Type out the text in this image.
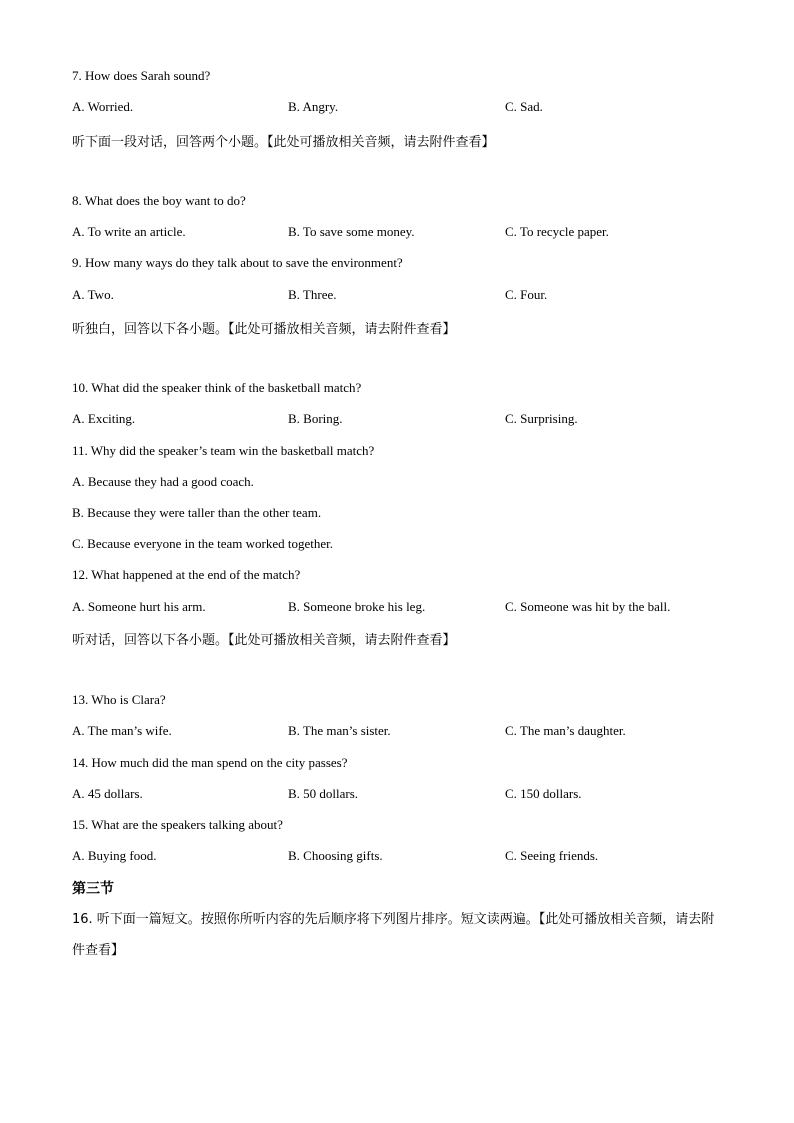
7. How does Sarah sound?
A. Worried.	B. Angry.	C. Sad.
听下面一段对话，回答两个小题。【此处可播放相关音频，请去附件查看】
8. What does the boy want to do?
A. To write an article.	B. To save some money.	C. To recycle paper.
9. How many ways do they talk about to save the environment?
A. Two.	B. Three.	C. Four.
听独白，回答以下各小题。【此处可播放相关音频，请去附件查看】
10. What did the speaker think of the basketball match?
A. Exciting.	B. Boring.	C. Surprising.
11. Why did the speaker’s team win the basketball match?
A. Because they had a good coach.
B. Because they were taller than the other team.
C. Because everyone in the team worked together.
12. What happened at the end of the match?
A. Someone hurt his arm.	B. Someone broke his leg.	C. Someone was hit by the ball.
听对话，回答以下各小题。【此处可播放相关音频，请去附件查看】
13. Who is Clara?
A. The man’s wife.	B. The man’s sister.	C. The man’s daughter.
14. How much did the man spend on the city passes?
A. 45 dollars.	B. 50 dollars.	C. 150 dollars.
15. What are the speakers talking about?
A. Buying food.	B. Choosing gifts.	C. Seeing friends.
第三节
16. 听下面一篇短文。按照你所听内容的先后顺序将下列图片排序。短文读两遍。【此处可播放相关音频，请去附件查看】
